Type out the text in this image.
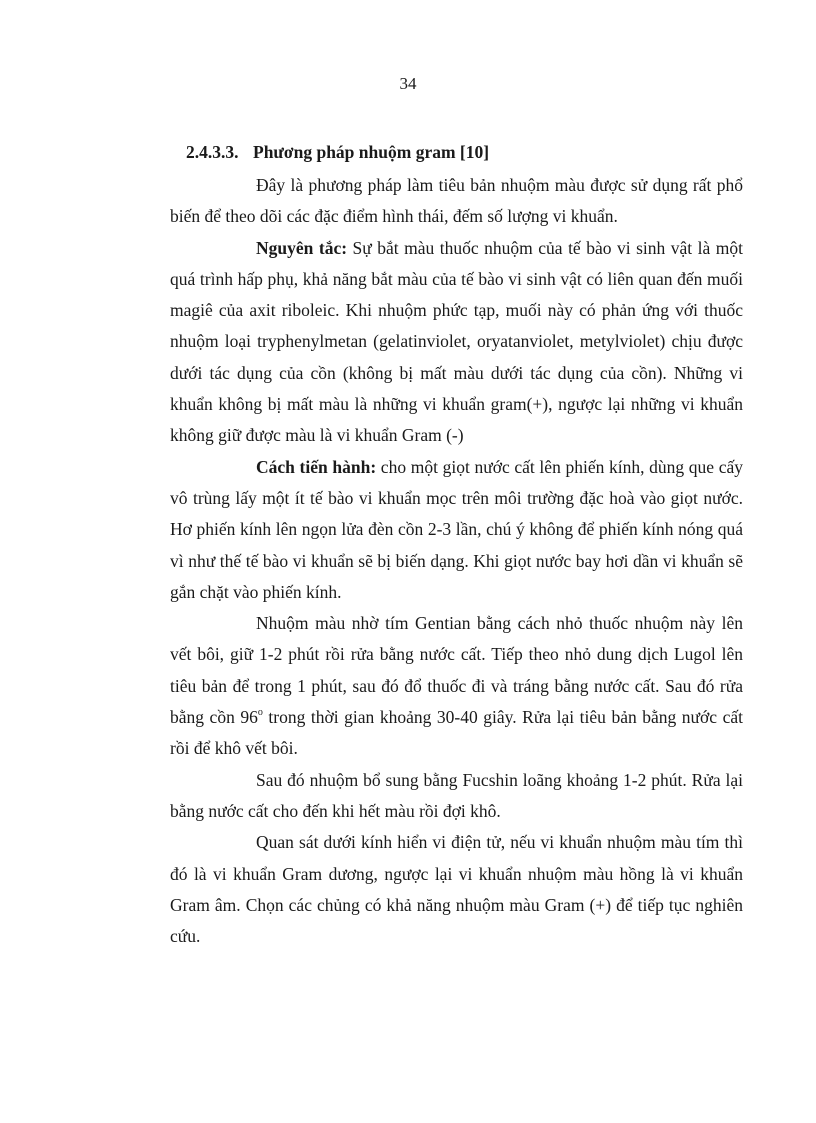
34
2.4.3.3. Phương pháp nhuộm gram [10]

Đây là phương pháp làm tiêu bản nhuộm màu được sử dụng rất phổ biến để theo dõi các đặc điểm hình thái, đếm số lượng vi khuẩn.

Nguyên tắc: Sự bắt màu thuốc nhuộm của tế bào vi sinh vật là một quá trình hấp phụ, khả năng bắt màu của tế bào vi sinh vật có liên quan đến muối magiê của axit riboleic. Khi nhuộm phức tạp, muối này có phản ứng với thuốc nhuộm loại tryphenylmetan (gelatinviolet, oryatanviolet, metylviolet) chịu được dưới tác dụng của cồn (không bị mất màu dưới tác dụng của cồn). Những vi khuẩn không bị mất màu là những vi khuẩn gram(+), ngược lại những vi khuẩn không giữ được màu là vi khuẩn Gram (-)

Cách tiến hành: cho một giọt nước cất lên phiến kính, dùng que cấy vô trùng lấy một ít tế bào vi khuẩn mọc trên môi trường đặc hoà vào giọt nước. Hơ phiến kính lên ngọn lửa đèn cồn 2-3 lần, chú ý không để phiến kính nóng quá vì như thế tế bào vi khuẩn sẽ bị biến dạng. Khi giọt nước bay hơi dần vi khuẩn sẽ gắn chặt vào phiến kính.

Nhuộm màu nhờ tím Gentian bằng cách nhỏ thuốc nhuộm này lên vết bôi, giữ 1-2 phút rồi rửa bằng nước cất. Tiếp theo nhỏ dung dịch Lugol lên tiêu bản để trong 1 phút, sau đó đổ thuốc đi và tráng bằng nước cất. Sau đó rửa bằng cồn 96$^o$ trong thời gian khoảng 30-40 giây. Rửa lại tiêu bản bằng nước cất rồi để khô vết bôi.

Sau đó nhuộm bổ sung bằng Fucshin loãng khoảng 1-2 phút. Rửa lại bằng nước cất cho đến khi hết màu rồi đợi khô.

Quan sát dưới kính hiển vi điện tử, nếu vi khuẩn nhuộm màu tím thì đó là vi khuẩn Gram dương, ngược lại vi khuẩn nhuộm màu hồng là vi khuẩn Gram âm. Chọn các chủng có khả năng nhuộm màu Gram (+) để tiếp tục nghiên cứu.
